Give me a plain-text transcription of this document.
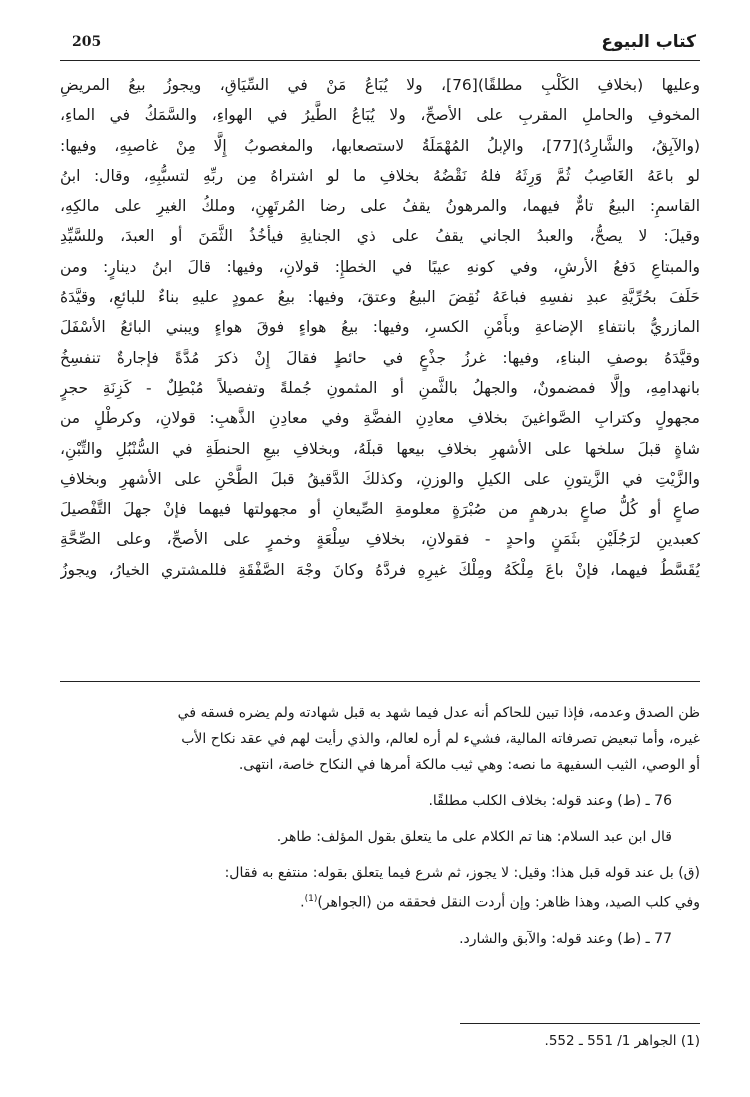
205	كتاب البيوع
وعليها (بخلافِ الكَلْبِ مطلقًا)[76]، ولا يُبَاعُ مَنْ في السِّيَاقِ، ويجوزُ بيعُ المريضِ
المخوفِ والحاملِ المقربِ على الأصحِّ، ولا يُبَاعُ الطَّيرُ في الهواءِ، والسَّمَكُ في الماءِ،
(والآبِقُ، والشَّارِدُ)[77]، والإبلُ المُهْمَلَةُ لاستصعابها، والمغصوبُ إِلَّا مِنْ غاصبِهِ، وفيها:
لو باعَهُ الغَاصِبُ ثُمَّ وَرِثَهُ فلهُ نَقْضُهُ بخلافِ ما لو اشتراهُ مِن ربِّهِ لتسبُّبِهِ، وقال: ابنُ
القاسمِ: البيعُ تامٌّ فيهما، والمرهونُ يقفُ على رضا المُرتَهِنِ، وملكُ الغيرِ على مالكِهِ،
وقيلَ: لا يصحُّ، والعبدُ الجاني يقفُ على ذي الجنايةِ فيأخُذُ الثَّمَنَ أو العبدَ، وللسَّيِّدِ
والمبتاعِ دَفعُ الأرشِ، وفي كونهِ عيبًا في الخطإِ: قولانِ، وفيها: قالَ ابنُ دينارٍ: ومن
حَلَفَ بحُرِّيَّةِ عبدِ نفسِهِ فباعَهُ نُقِضَ البيعُ وعتقَ، وفيها: بيعُ عمودٍ عليهِ بناءٌ للبائعِ، وقيَّدَهُ
المازريُّ بانتفاءِ الإضاعةِ وبأَمْنِ الكسرِ، وفيها: بيعُ هواءٍ فوقَ هواءٍ ويبني البائعُ الأسْفَلَ
وقيَّدَهُ بوصفِ البناءِ، وفيها: غرزُ جذْعٍ في حائطٍ فقالَ إِنْ ذكرَ مُدَّةً فإجارةٌ تنفسِخُ
بانهدامِهِ، وإلَّا فمضمونٌ، والجهلُ بالثَّمنِ أو المثمونِ جُملةً وتفصيلاً مُبْطِلٌ - كَزِنَةِ حجرٍ
مجهولٍ وكترابِ الصَّواغينَ بخلافِ معادِنِ الفضَّةِ وفي معادِنِ الذَّهبِ: قولانِ، وكرطْلٍ من
شاةٍ قبلَ سلخها على الأشهرِ بخلافِ بيعها قبلَهُ، وبخلافِ بيعِ الحنطَةِ في السُّنْبُلِ والتِّبْنِ،
والزَّيْتِ في الزَّيتونِ على الكيلِ والوزنِ، وكذلكَ الدَّقيقُ قبلَ الطَّحْنِ على الأشهرِ وبخلافِ
صاعٍ أو كُلُّ صاعٍ بدرهمٍ من صُبْرَةٍ معلومةِ الصِّيعانِ أو مجهولتها فيهما فإنْ جهلَ التَّفْصيلَ
كعبدينِ لرَجُلَيْنِ بثَمَنٍ واحدٍ - فقولانِ، بخلافِ سِلْعَةٍ وخمرٍ على الأصحِّ، وعلى الصِّحَّةِ
يُقَسَّطُ فيهما، فإنْ باعَ مِلْكَهُ ومِلْكَ غيرِهِ فردَّهُ وكانَ وجْهَ الصَّفْقَةِ فللمشتري الخيارُ، ويجوزُ
ظن الصدق وعدمه، فإذا تبين للحاكم أنه عدل فيما شهد به قبل شهادته ولم يضره فسقه في
غيره، وأما تبعيض تصرفاته المالية، فشيء لم أره لعالم، والذي رأيت لهم في عقد نكاح الأب
أو الوصي، الثيب السفيهة ما نصه: وهي ثيب مالكة أمرها في النكاح خاصة، انتهى.
76 ـ (ط) وعند قوله: بخلاف الكلب مطلقًا.
قال ابن عبد السلام: هنا تم الكلام على ما يتعلق بقول المؤلف: طاهر.
(ق) بل عند قوله قبل هذا: وقيل: لا يجوز، ثم شرع فيما يتعلق بقوله: منتفع به فقال:
وفي كلب الصيد، وهذا ظاهر: وإن أردت النقل فحققه من (الجواهر)$^{(1)}$.
77 ـ (ط) وعند قوله: والآبق والشارد.
(1) الجواهر 1/ 551 ـ 552.
